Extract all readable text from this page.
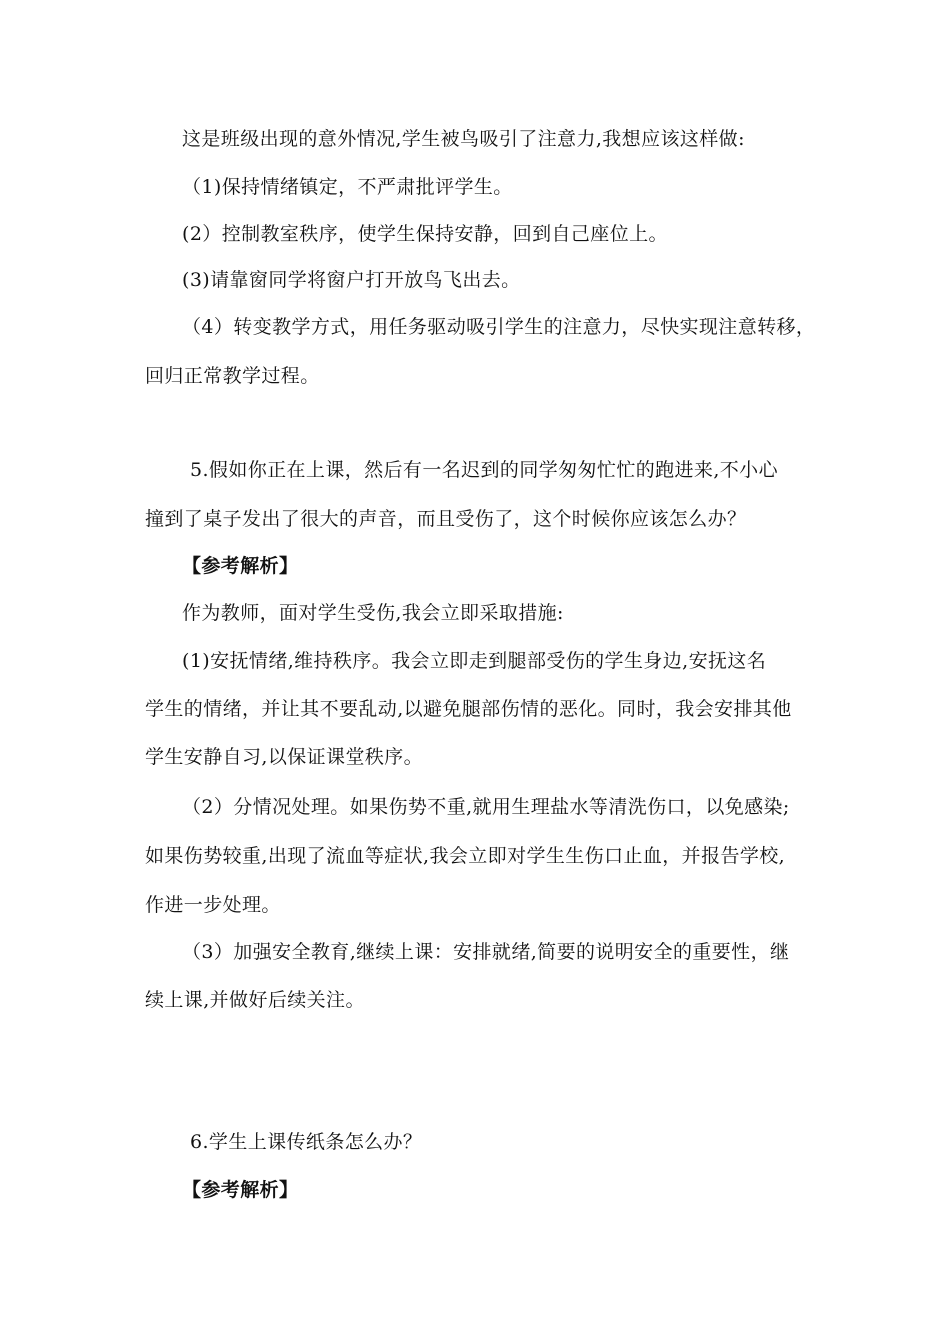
这是班级出现的意外情况,学生被鸟吸引了注意力,我想应该这样做:
（1)保持情绪镇定，不严肃批评学生。
(2）控制教室秩序，使学生保持安静，回到自己座位上。
(3)请靠窗同学将窗户打开放鸟飞出去。
（4）转变教学方式，用任务驱动吸引学生的注意力，尽快实现注意转移，
回归正常教学过程。
5.假如你正在上课，然后有一名迟到的同学匆匆忙忙的跑进来,不小心
撞到了桌子发出了很大的声音，而且受伤了，这个时候你应该怎么办？
【参考解析】
作为教师，面对学生受伤,我会立即采取措施:
(1)安抚情绪,维持秩序。我会立即走到腿部受伤的学生身边,安抚这名
学生的情绪，并让其不要乱动,以避免腿部伤情的恶化。同时，我会安排其他
学生安静自习,以保证课堂秩序。
（2）分情况处理。如果伤势不重,就用生理盐水等清洗伤口，以免感染;
如果伤势较重,出现了流血等症状,我会立即对学生生伤口止血，并报告学校,
作进一步处理。
（3）加强安全教育,继续上课：安排就绪,简要的说明安全的重要性，继
续上课,并做好后续关注。
6.学生上课传纸条怎么办？
【参考解析】
